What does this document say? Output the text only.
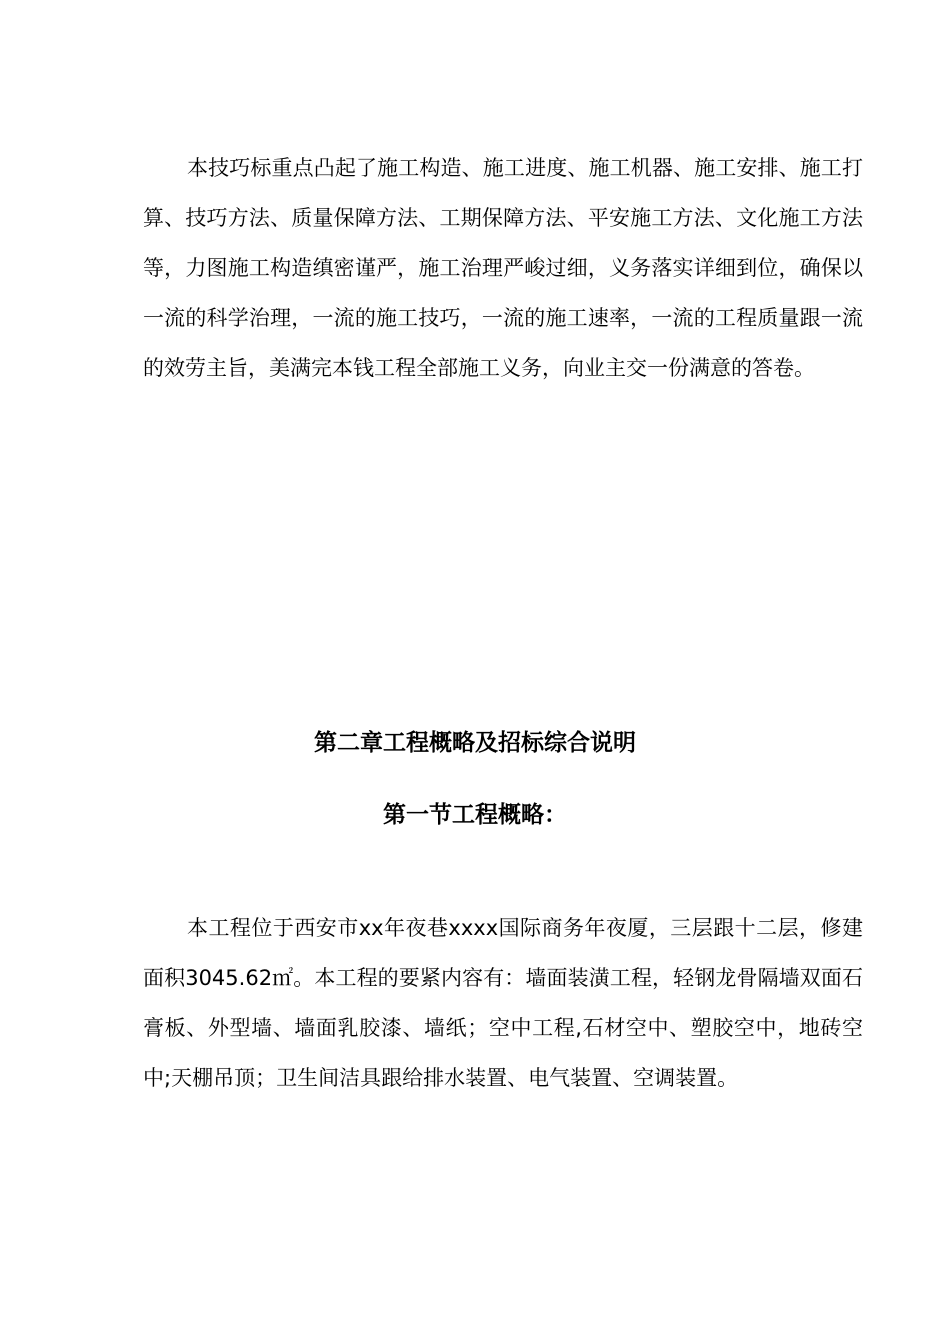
本技巧标重点凸起了施工构造、施工进度、施工机器、施工安排、施工打算、技巧方法、质量保障方法、工期保障方法、平安施工方法、文化施工方法等，力图施工构造缜密谨严，施工治理严峻过细，义务落实详细到位，确保以一流的科学治理，一流的施工技巧，一流的施工速率，一流的工程质量跟一流的效劳主旨，美满完本钱工程全部施工义务，向业主交一份满意的答卷。

第二章工程概略及招标综合说明
第一节工程概略：

本工程位于西安市xx年夜巷xxxx国际商务年夜厦，三层跟十二层，修建面积3045.62㎡。本工程的要紧内容有：墙面装潢工程，轻钢龙骨隔墙双面石膏板、外型墙、墙面乳胶漆、墙纸；空中工程,石材空中、塑胶空中，地砖空中;天棚吊顶；卫生间洁具跟给排水装置、电气装置、空调装置。
